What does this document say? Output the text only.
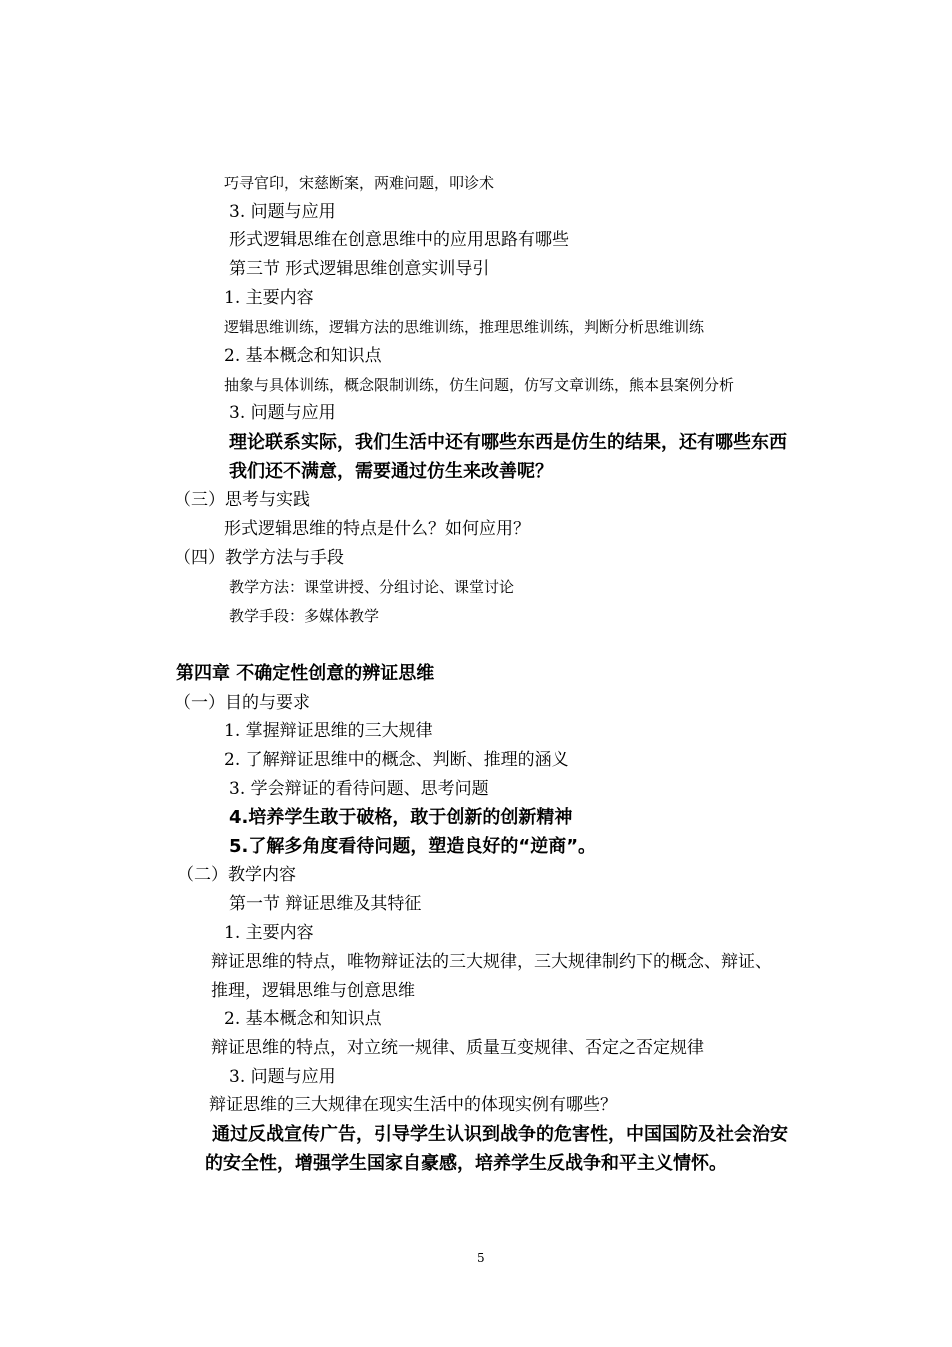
巧寻官印，宋慈断案，两难问题，叩诊术
3. 问题与应用
形式逻辑思维在创意思维中的应用思路有哪些
第三节 形式逻辑思维创意实训导引
1. 主要内容
逻辑思维训练，逻辑方法的思维训练，推理思维训练，判断分析思维训练
2. 基本概念和知识点
抽象与具体训练，概念限制训练，仿生问题，仿写文章训练，熊本县案例分析
3. 问题与应用
理论联系实际，我们生活中还有哪些东西是仿生的结果，还有哪些东西
我们还不满意，需要通过仿生来改善呢？
（三）思考与实践
形式逻辑思维的特点是什么？如何应用？
（四）教学方法与手段
教学方法：课堂讲授、分组讨论、课堂讨论
教学手段：多媒体教学
第四章 不确定性创意的辨证思维
（一）目的与要求
1. 掌握辩证思维的三大规律
2. 了解辩证思维中的概念、判断、推理的涵义
3. 学会辩证的看待问题、思考问题
4.培养学生敢于破格，敢于创新的创新精神
5.了解多角度看待问题，塑造良好的“逆商”。
（二）教学内容
第一节 辩证思维及其特征
1. 主要内容
辩证思维的特点，唯物辩证法的三大规律，三大规律制约下的概念、辩证、
推理，逻辑思维与创意思维
2. 基本概念和知识点
辩证思维的特点，对立统一规律、质量互变规律、否定之否定规律
3. 问题与应用
辩证思维的三大规律在现实生活中的体现实例有哪些？
通过反战宣传广告，引导学生认识到战争的危害性，中国国防及社会治安
的安全性，增强学生国家自豪感，培养学生反战争和平主义情怀。
5
